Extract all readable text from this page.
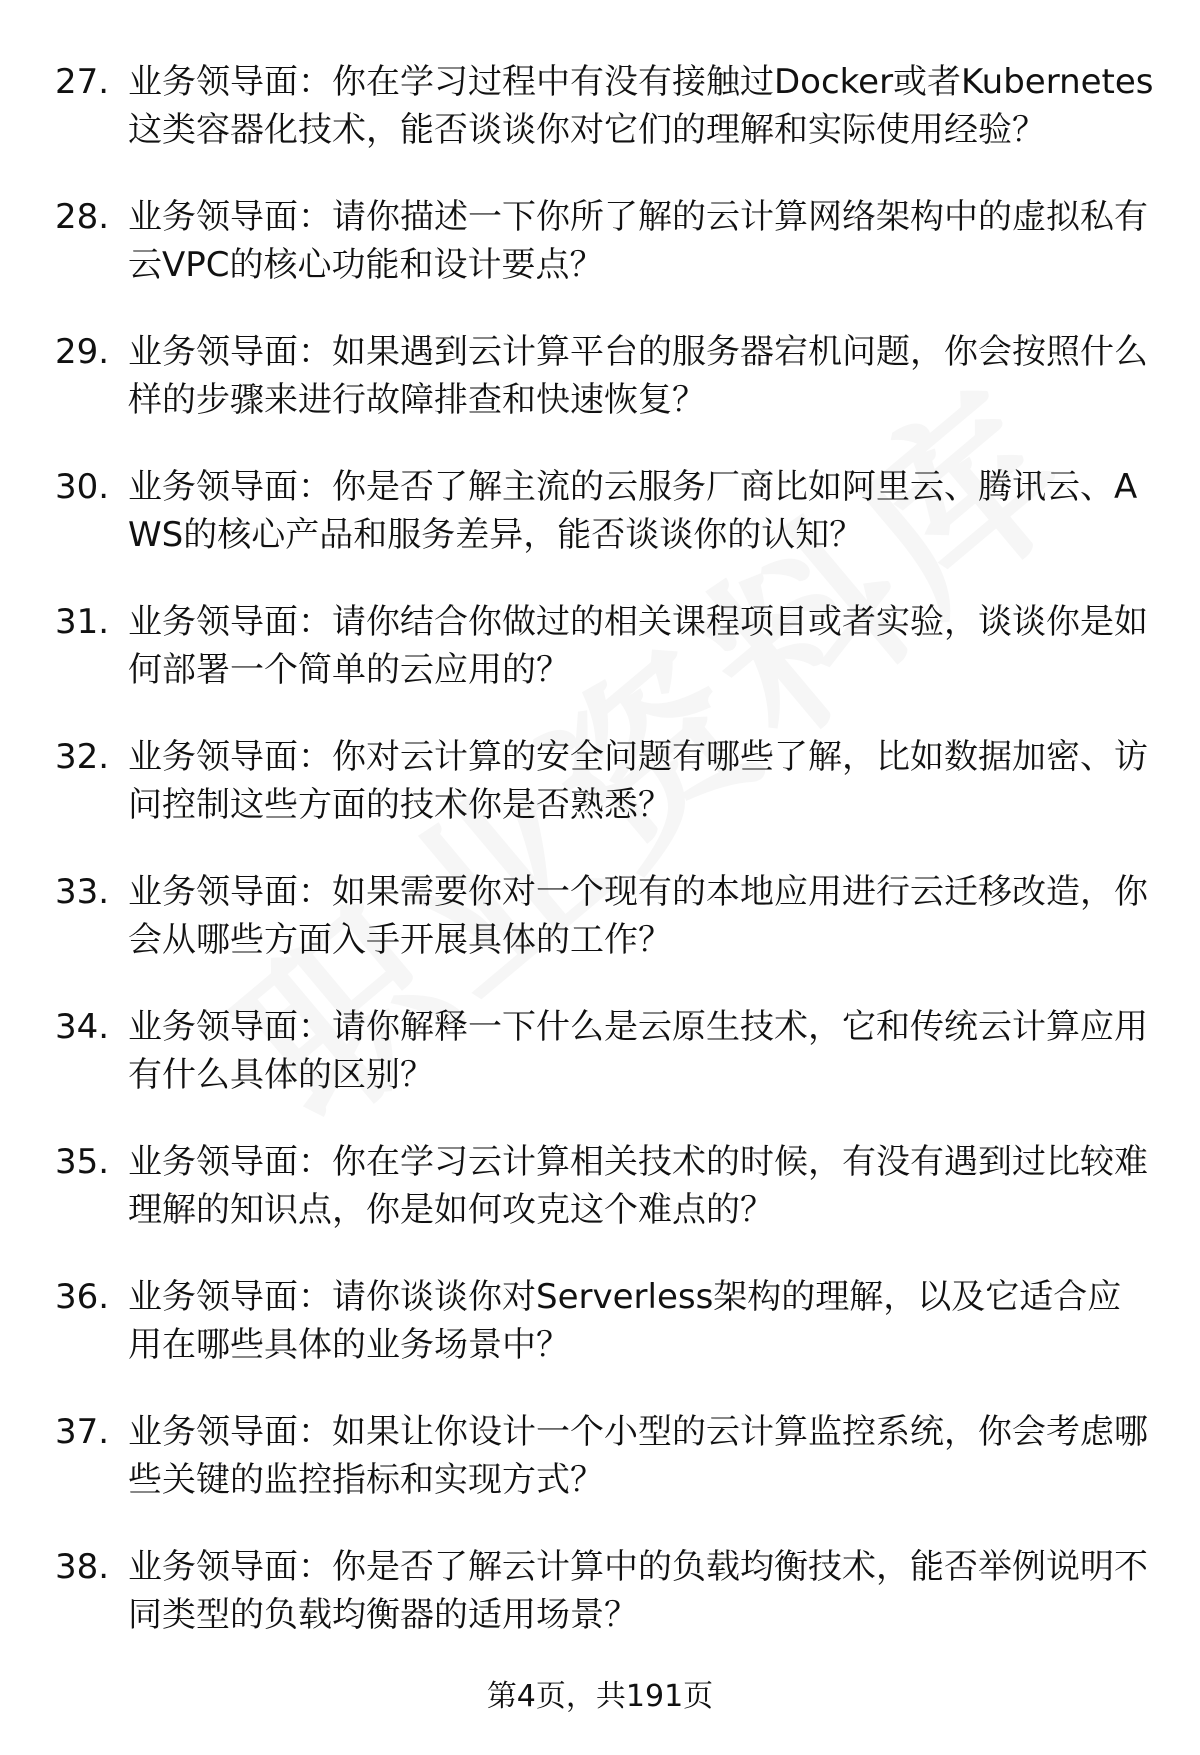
27. 业务领导面：你在学习过程中有没有接触过Docker或者Kubernetes这类容器化技术，能否谈谈你对它们的理解和实际使用经验？
28. 业务领导面：请你描述一下你所了解的云计算网络架构中的虚拟私有云VPC的核心功能和设计要点？
29. 业务领导面：如果遇到云计算平台的服务器宕机问题，你会按照什么样的步骤来进行故障排查和快速恢复？
30. 业务领导面：你是否了解主流的云服务厂商比如阿里云、腾讯云、AWS的核心产品和服务差异，能否谈谈你的认知？
31. 业务领导面：请你结合你做过的相关课程项目或者实验，谈谈你是如何部署一个简单的云应用的？
32. 业务领导面：你对云计算的安全问题有哪些了解，比如数据加密、访问控制这些方面的技术你是否熟悉？
33. 业务领导面：如果需要你对一个现有的本地应用进行云迁移改造，你会从哪些方面入手开展具体的工作？
34. 业务领导面：请你解释一下什么是云原生技术，它和传统云计算应用有什么具体的区别？
35. 业务领导面：你在学习云计算相关技术的时候，有没有遇到过比较难理解的知识点，你是如何攻克这个难点的？
36. 业务领导面：请你谈谈你对Serverless架构的理解，以及它适合应用在哪些具体的业务场景中？
37. 业务领导面：如果让你设计一个小型的云计算监控系统，你会考虑哪些关键的监控指标和实现方式？
38. 业务领导面：你是否了解云计算中的负载均衡技术，能否举例说明不同类型的负载均衡器的适用场景？
第4页，共191页
